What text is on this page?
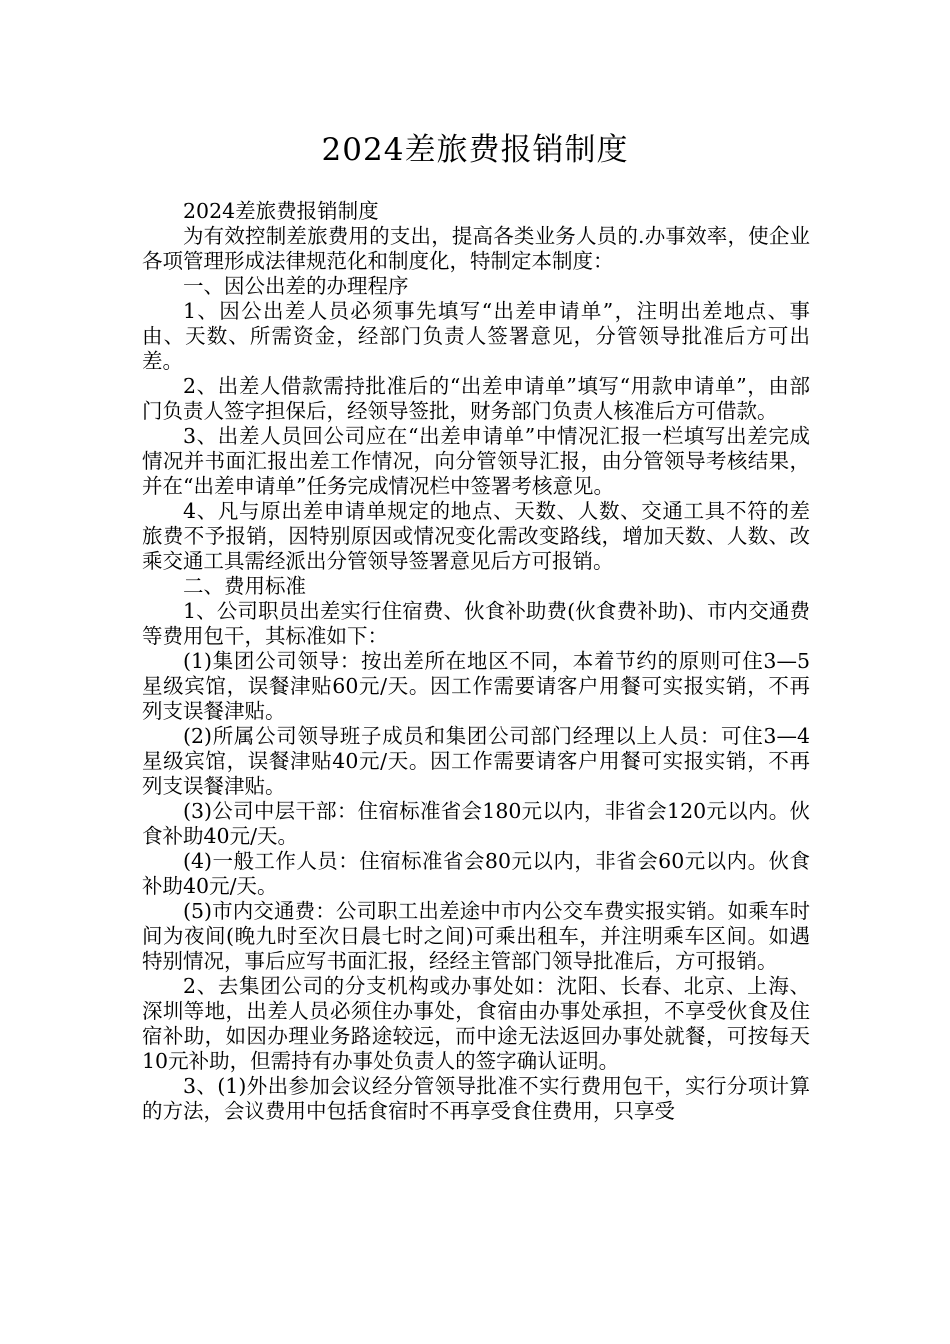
2024差旅费报销制度

2024差旅费报销制度

为有效控制差旅费用的支出，提高各类业务人员的.办事效率，使企业各项管理形成法律规范化和制度化，特制定本制度：

一、因公出差的办理程序

1、因公出差人员必须事先填写“出差申请单”，注明出差地点、事由、天数、所需资金，经部门负责人签署意见，分管领导批准后方可出差。

2、出差人借款需持批准后的“出差申请单”填写“用款申请单”，由部门负责人签字担保后，经领导签批，财务部门负责人核准后方可借款。

3、出差人员回公司应在“出差申请单”中情况汇报一栏填写出差完成情况并书面汇报出差工作情况，向分管领导汇报，由分管领导考核结果，并在“出差申请单”任务完成情况栏中签署考核意见。

4、凡与原出差申请单规定的地点、天数、人数、交通工具不符的差旅费不予报销，因特别原因或情况变化需改变路线，增加天数、人数、改乘交通工具需经派出分管领导签署意见后方可报销。

二、费用标准

1、公司职员出差实行住宿费、伙食补助费(伙食费补助)、市内交通费等费用包干，其标准如下：

(1)集团公司领导：按出差所在地区不同，本着节约的原则可住3—5星级宾馆，误餐津贴60元/天。因工作需要请客户用餐可实报实销，不再列支误餐津贴。

(2)所属公司领导班子成员和集团公司部门经理以上人员：可住3—4星级宾馆，误餐津贴40元/天。因工作需要请客户用餐可实报实销，不再列支误餐津贴。

(3)公司中层干部：住宿标准省会180元以内，非省会120元以内。伙食补助40元/天。

(4)一般工作人员：住宿标准省会80元以内，非省会60元以内。伙食补助40元/天。

(5)市内交通费：公司职工出差途中市内公交车费实报实销。如乘车时间为夜间(晚九时至次日晨七时之间)可乘出租车，并注明乘车区间。如遇特别情况，事后应写书面汇报，经经主管部门领导批准后，方可报销。

2、去集团公司的分支机构或办事处如：沈阳、长春、北京、上海、深圳等地，出差人员必须住办事处，食宿由办事处承担，不享受伙食及住宿补助，如因办理业务路途较远，而中途无法返回办事处就餐，可按每天10元补助，但需持有办事处负责人的签字确认证明。

3、(1)外出参加会议经分管领导批准不实行费用包干，实行分项计算的方法，会议费用中包括食宿时不再享受食住费用，只享受
